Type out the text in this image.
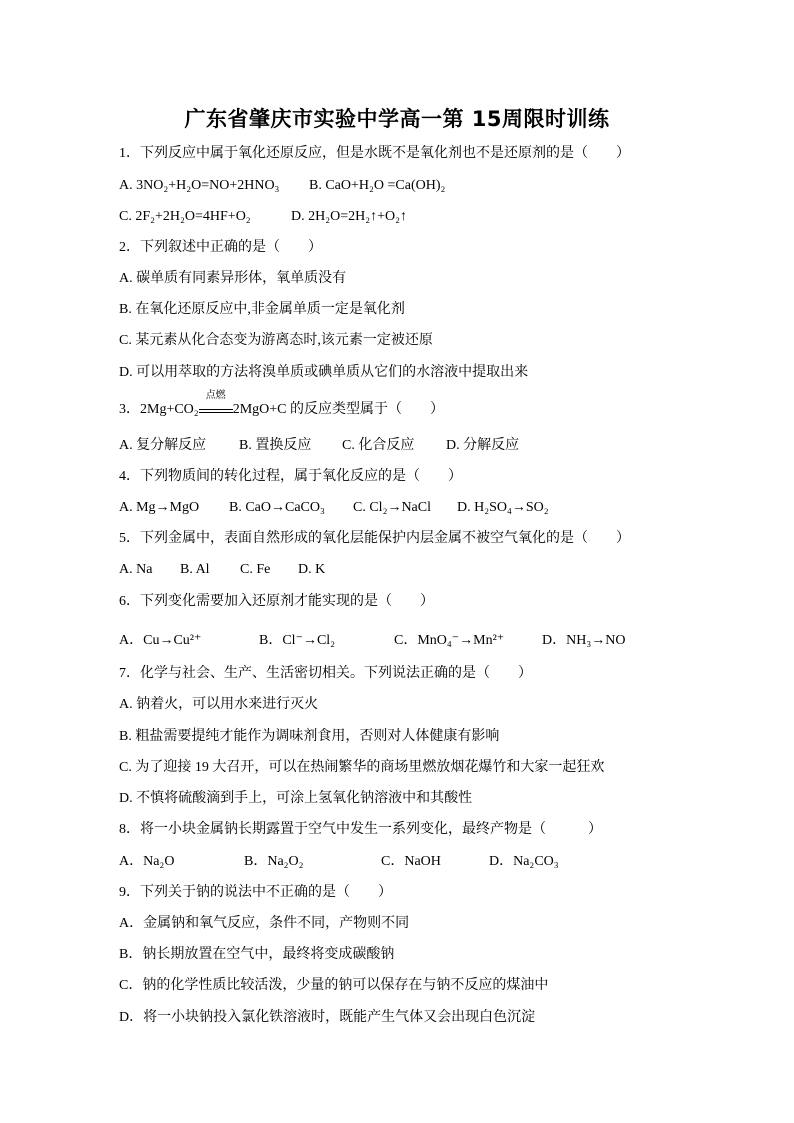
广东省肇庆市实验中学高一第 15周限时训练
1．下列反应中属于氧化还原反应，但是水既不是氧化剂也不是还原剂的是（　　）
A. 3NO₂+H₂O=NO+2HNO₃ B. CaO+H₂O =Ca(OH)₂
C. 2F₂+2H₂O=4HF+O₂	D. 2H₂O=2H₂↑+O₂↑
2．下列叙述中正确的是（　　）
A. 碳单质有同素异形体，氧单质没有
B. 在氧化还原反应中,非金属单质一定是氧化剂
C. 某元素从化合态变为游离态时,该元素一定被还原
D. 可以用萃取的方法将溴单质或碘单质从它们的水溶液中提取出来
3．2Mg+CO₂
点燃
2MgO+C 的反应类型属于（　　）
A. 复分解反应 B. 置换反应 C. 化合反应 D. 分解反应
4．下列物质间的转化过程，属于氧化反应的是（　　）
A. Mg→MgO B. CaO→CaCO₃ C. Cl₂→NaCl D. H₂SO₄→SO₂
5．下列金属中，表面自然形成的氧化层能保护内层金属不被空气氧化的是（　　）
A. Na B. Al C. Fe D. K
6．下列变化需要加入还原剂才能实现的是（　　）
A．Cu→Cu²⁺	B．Cl⁻→Cl₂	C．MnO₄⁻→Mn²⁺	D．NH₃→NO
7．化学与社会、生产、生活密切相关。下列说法正确的是（　　）
A. 钠着火，可以用水来进行灭火
B. 粗盐需要提纯才能作为调味剂食用，否则对人体健康有影响
C. 为了迎接 19 大召开，可以在热闹繁华的商场里燃放烟花爆竹和大家一起狂欢
D. 不慎将硫酸滴到手上，可涂上氢氧化钠溶液中和其酸性
8．将一小块金属钠长期露置于空气中发生一系列变化，最终产物是（　　　）
A．Na₂O	B．Na₂O₂	C．NaOH	D．Na₂CO₃
9．下列关于钠的说法中不正确的是（　　）
A．金属钠和氧气反应，条件不同，产物则不同
B．钠长期放置在空气中，最终将变成碳酸钠
C．钠的化学性质比较活泼，少量的钠可以保存在与钠不反应的煤油中
D．将一小块钠投入氯化铁溶液时，既能产生气体又会出现白色沉淀
